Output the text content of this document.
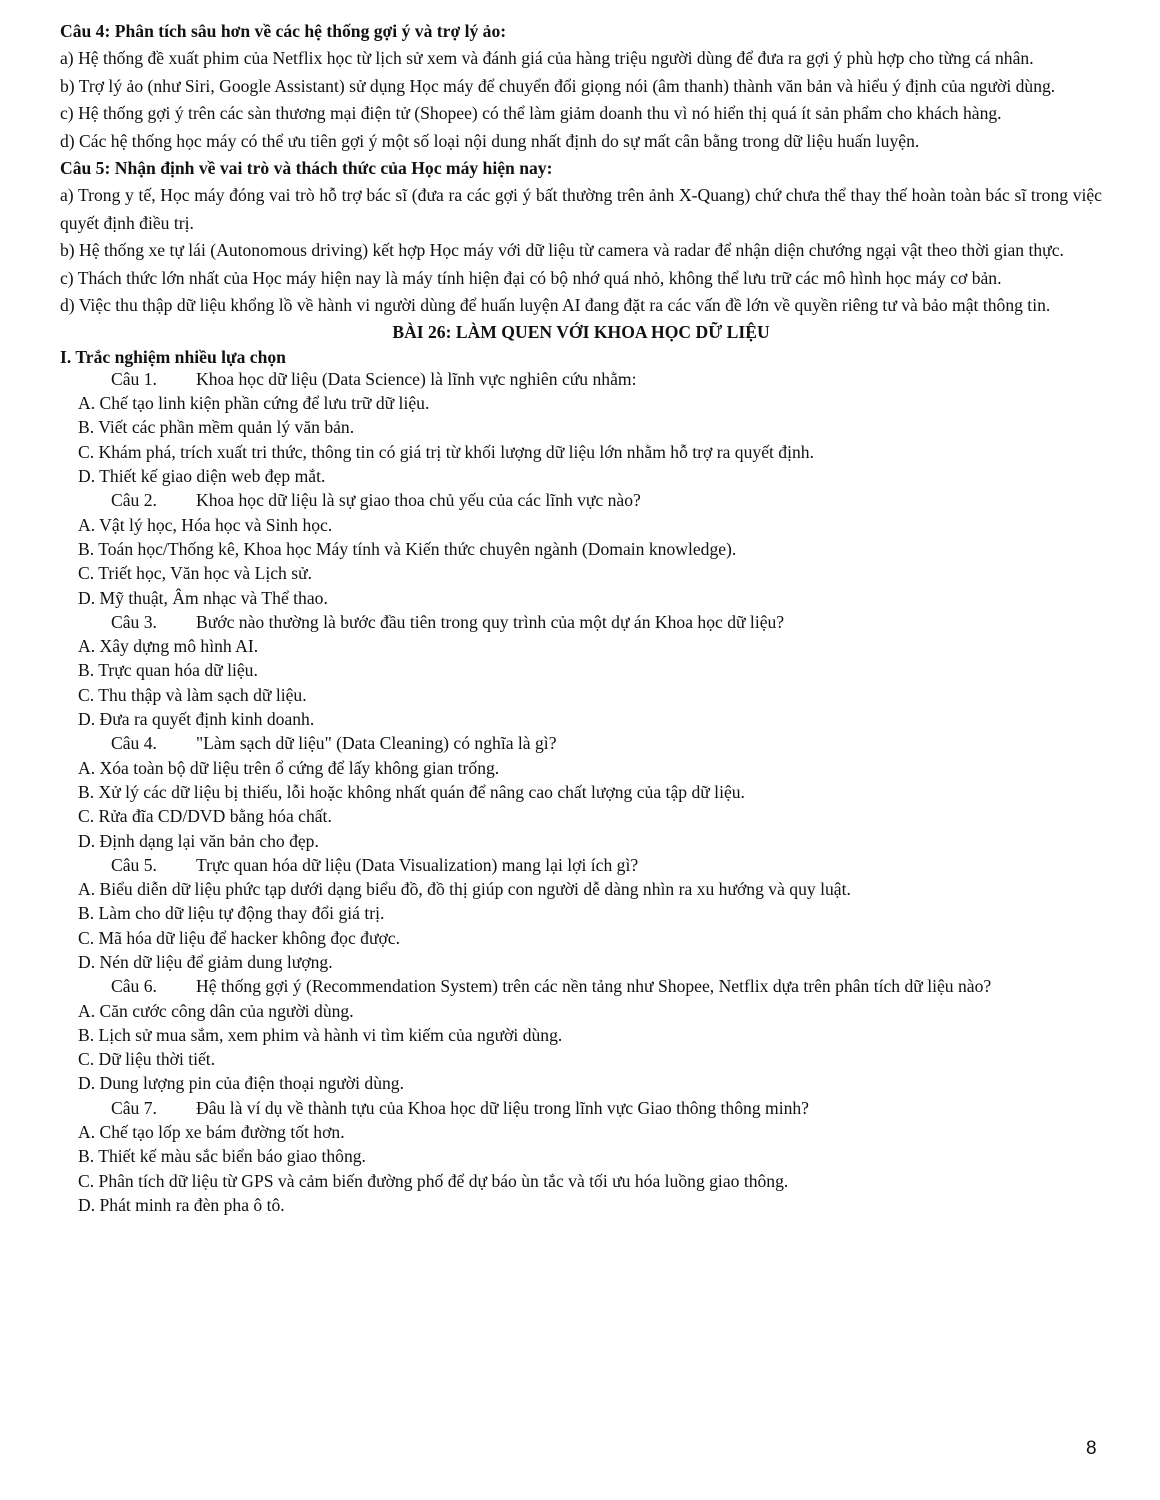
Câu 4: Phân tích sâu hơn về các hệ thống gợi ý và trợ lý ảo:

a) Hệ thống đề xuất phim của Netflix học từ lịch sử xem và đánh giá của hàng triệu người dùng để đưa ra gợi ý phù hợp cho từng cá nhân.

b) Trợ lý ảo (như Siri, Google Assistant) sử dụng Học máy để chuyển đổi giọng nói (âm thanh) thành văn bản và hiểu ý định của người dùng.

c) Hệ thống gợi ý trên các sàn thương mại điện tử (Shopee) có thể làm giảm doanh thu vì nó hiển thị quá ít sản phẩm cho khách hàng.

d) Các hệ thống học máy có thể ưu tiên gợi ý một số loại nội dung nhất định do sự mất cân bằng trong dữ liệu huấn luyện.

Câu 5: Nhận định về vai trò và thách thức của Học máy hiện nay:

a) Trong y tế, Học máy đóng vai trò hỗ trợ bác sĩ (đưa ra các gợi ý bất thường trên ảnh X-Quang) chứ chưa thể thay thế hoàn toàn bác sĩ trong việc quyết định điều trị.

b) Hệ thống xe tự lái (Autonomous driving) kết hợp Học máy với dữ liệu từ camera và radar để nhận diện chướng ngại vật theo thời gian thực.

c) Thách thức lớn nhất của Học máy hiện nay là máy tính hiện đại có bộ nhớ quá nhỏ, không thể lưu trữ các mô hình học máy cơ bản.

d) Việc thu thập dữ liệu khổng lồ về hành vi người dùng để huấn luyện AI đang đặt ra các vấn đề lớn về quyền riêng tư và bảo mật thông tin.

BÀI 26: LÀM QUEN VỚI KHOA HỌC DỮ LIỆU

I. Trắc nghiệm nhiều lựa chọn

Câu 1. Khoa học dữ liệu (Data Science) là lĩnh vực nghiên cứu nhằm:

A. Chế tạo linh kiện phần cứng để lưu trữ dữ liệu.

B. Viết các phần mềm quản lý văn bản.

C. Khám phá, trích xuất tri thức, thông tin có giá trị từ khối lượng dữ liệu lớn nhằm hỗ trợ ra quyết định.

D. Thiết kế giao diện web đẹp mắt.

Câu 2. Khoa học dữ liệu là sự giao thoa chủ yếu của các lĩnh vực nào?

A. Vật lý học, Hóa học và Sinh học.

B. Toán học/Thống kê, Khoa học Máy tính và Kiến thức chuyên ngành (Domain knowledge).

C. Triết học, Văn học và Lịch sử.

D. Mỹ thuật, Âm nhạc và Thể thao.

Câu 3. Bước nào thường là bước đầu tiên trong quy trình của một dự án Khoa học dữ liệu?

A. Xây dựng mô hình AI.

B. Trực quan hóa dữ liệu.

C. Thu thập và làm sạch dữ liệu.

D. Đưa ra quyết định kinh doanh.

Câu 4. "Làm sạch dữ liệu" (Data Cleaning) có nghĩa là gì?

A. Xóa toàn bộ dữ liệu trên ổ cứng để lấy không gian trống.

B. Xử lý các dữ liệu bị thiếu, lỗi hoặc không nhất quán để nâng cao chất lượng của tập dữ liệu.

C. Rửa đĩa CD/DVD bằng hóa chất.

D. Định dạng lại văn bản cho đẹp.

Câu 5. Trực quan hóa dữ liệu (Data Visualization) mang lại lợi ích gì?

A. Biểu diễn dữ liệu phức tạp dưới dạng biểu đồ, đồ thị giúp con người dễ dàng nhìn ra xu hướng và quy luật.

B. Làm cho dữ liệu tự động thay đổi giá trị.

C. Mã hóa dữ liệu để hacker không đọc được.

D. Nén dữ liệu để giảm dung lượng.

Câu 6. Hệ thống gợi ý (Recommendation System) trên các nền tảng như Shopee, Netflix dựa trên phân tích dữ liệu nào?

A. Căn cước công dân của người dùng.

B. Lịch sử mua sắm, xem phim và hành vi tìm kiếm của người dùng.

C. Dữ liệu thời tiết.

D. Dung lượng pin của điện thoại người dùng.

Câu 7. Đâu là ví dụ về thành tựu của Khoa học dữ liệu trong lĩnh vực Giao thông thông minh?

A. Chế tạo lốp xe bám đường tốt hơn.

B. Thiết kế màu sắc biển báo giao thông.

C. Phân tích dữ liệu từ GPS và cảm biến đường phố để dự báo ùn tắc và tối ưu hóa luồng giao thông.

D. Phát minh ra đèn pha ô tô.

8
